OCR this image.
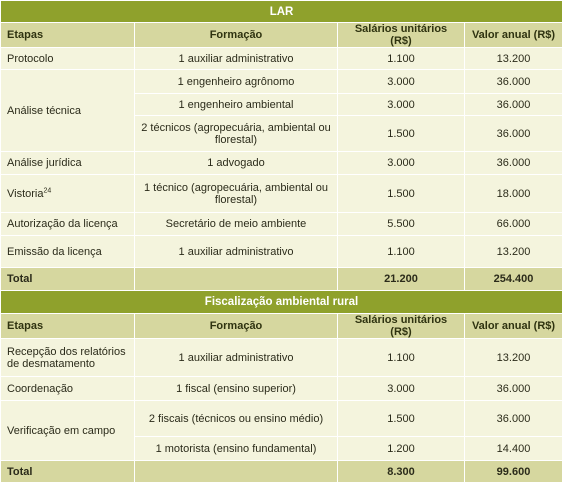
LAR			
Etapas	Formação	Salários unitários (R$)	Valor anual (R$)
Protocolo	1 auxiliar administrativo	1.100	13.200
Análise técnica	1 engenheiro agrônomo	3.000	36.000
	1 engenheiro ambiental	3.000	36.000
	2 técnicos (agropecuária, ambiental ou florestal)	1.500	36.000
Análise jurídica	1 advogado	3.000	36.000
Vistoria$^{24}$	1 técnico (agropecuária, ambiental ou florestal)	1.500	18.000
Autorização da licença	Secretário de meio ambiente	5.500	66.000
Emissão da licença	1 auxiliar administrativo	1.100	13.200
Total		21.200	254.400
Fiscalização ambiental rural			
Etapas	Formação	Salários unitários (R$)	Valor anual (R$)
Recepção dos relatórios de desmatamento	1 auxiliar administrativo	1.100	13.200
Coordenação	1 fiscal (ensino superior)	3.000	36.000
Verificação em campo	2 fiscais (técnicos ou ensino médio)	1.500	36.000
	1 motorista (ensino fundamental)	1.200	14.400
Total		8.300	99.600
